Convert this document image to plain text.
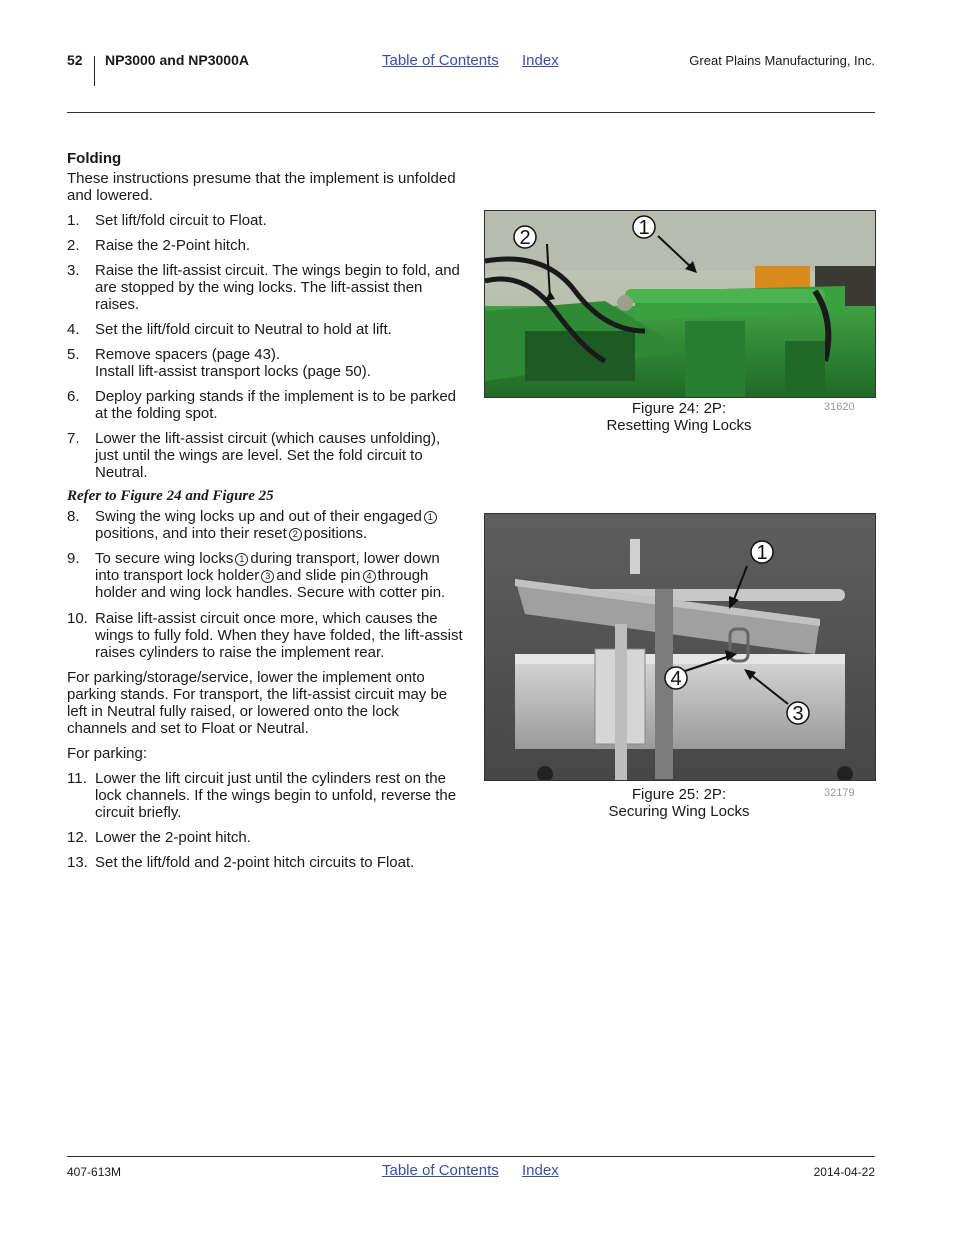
52 NP3000 and NP3000A	Table of Contents Index	Great Plains Manufacturing, Inc.
Folding
These instructions presume that the implement is unfolded and lowered.
1. Set lift/fold circuit to Float.
2. Raise the 2-Point hitch.
3. Raise the lift-assist circuit. The wings begin to fold, and are stopped by the wing locks. The lift-assist then raises.
4. Set the lift/fold circuit to Neutral to hold at lift.
5. Remove spacers (page 43).
Install lift-assist transport locks (page 50).
6. Deploy parking stands if the implement is to be parked at the folding spot.
7. Lower the lift-assist circuit (which causes unfolding), just until the wings are level. Set the fold circuit to Neutral.
Refer to Figure 24 and Figure 25
8. Swing the wing locks up and out of their engaged 1positions, and into their reset 2 positions.
9. To secure wing locks 1 during transport, lower down into transport lock holder 3 and slide pin 4 through holder and wing lock handles. Secure with cotter pin.
10. Raise lift-assist circuit once more, which causes the wings to fully fold. When they have folded, the lift-assist raises cylinders to raise the implement rear.
For parking/storage/service, lower the implement onto parking stands. For transport, the lift-assist circuit may be left in Neutral fully raised, or lowered onto the lock channels and set to Float or Neutral.
For parking:
11. Lower the lift circuit just until the cylinders rest on the lock channels. If the wings begin to unfold, reverse the circuit briefly.
12. Lower the 2-point hitch.
13. Set the lift/fold and 2-point hitch circuits to Float.
2	1
Figure 24: 2P:
Resetting Wing Locks
31620
1
4
3
Figure 25: 2P:
Securing Wing Locks
32179
407-613M	Table of Contents Index	2014-04-22
